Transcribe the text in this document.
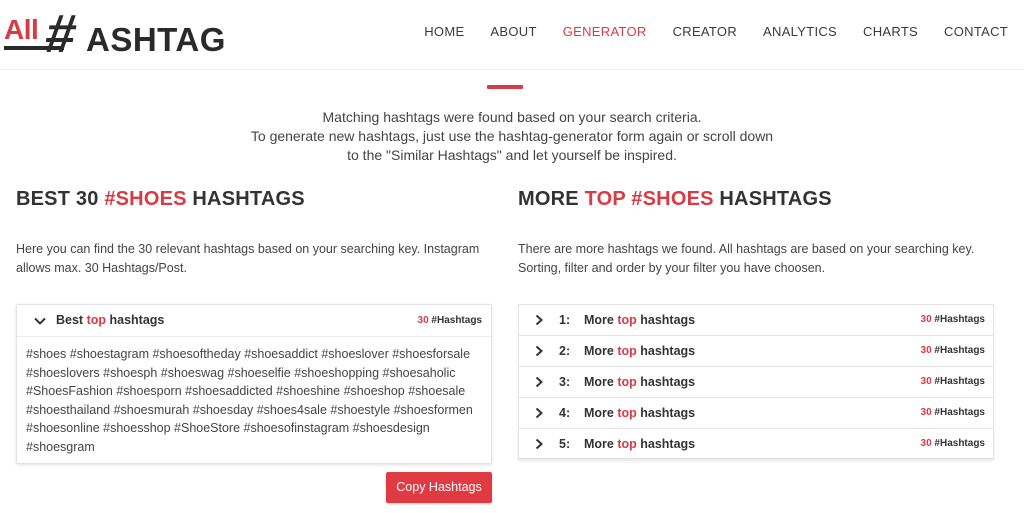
All # ASHTAG	HOME ABOUT GENERATOR CREATOR ANALYTICS CHARTS CONTACT

Matching hashtags were found based on your search criteria.

To generate new hashtags, just use the hashtag-generator form again or scroll down

to the "Similar Hashtags" and let yourself be inspired.

BEST 30 #SHOES HASHTAGS

Here you can find the 30 relevant hashtags based on your searching key. Instagram allows max. 30 Hashtags/Post.

Best top hashtags	30 #Hashtags
#shoes #shoestagram #shoesoftheday #shoesaddict #shoeslover #shoesforsale #shoeslovers #shoesph #shoeswag #shoeselfie #shoeshopping #shoesaholic #ShoesFashion #shoesporn #shoesaddicted #shoeshine #shoeshop #shoesale #shoesthailand #shoesmurah #shoesday #shoes4sale #shoestyle #shoesformen #shoesonline #shoesshop #ShoeStore #shoesofinstagram #shoesdesign #shoesgram
Copy Hashtags
MORE TOP #SHOES HASHTAGS

There are more hashtags we found. All hashtags are based on your searching key. Sorting, filter and order by your filter you have choosen.

1: More top hashtags	30 #Hashtags
2: More top hashtags	30 #Hashtags
3: More top hashtags	30 #Hashtags
4: More top hashtags	30 #Hashtags
5: More top hashtags	30 #Hashtags
